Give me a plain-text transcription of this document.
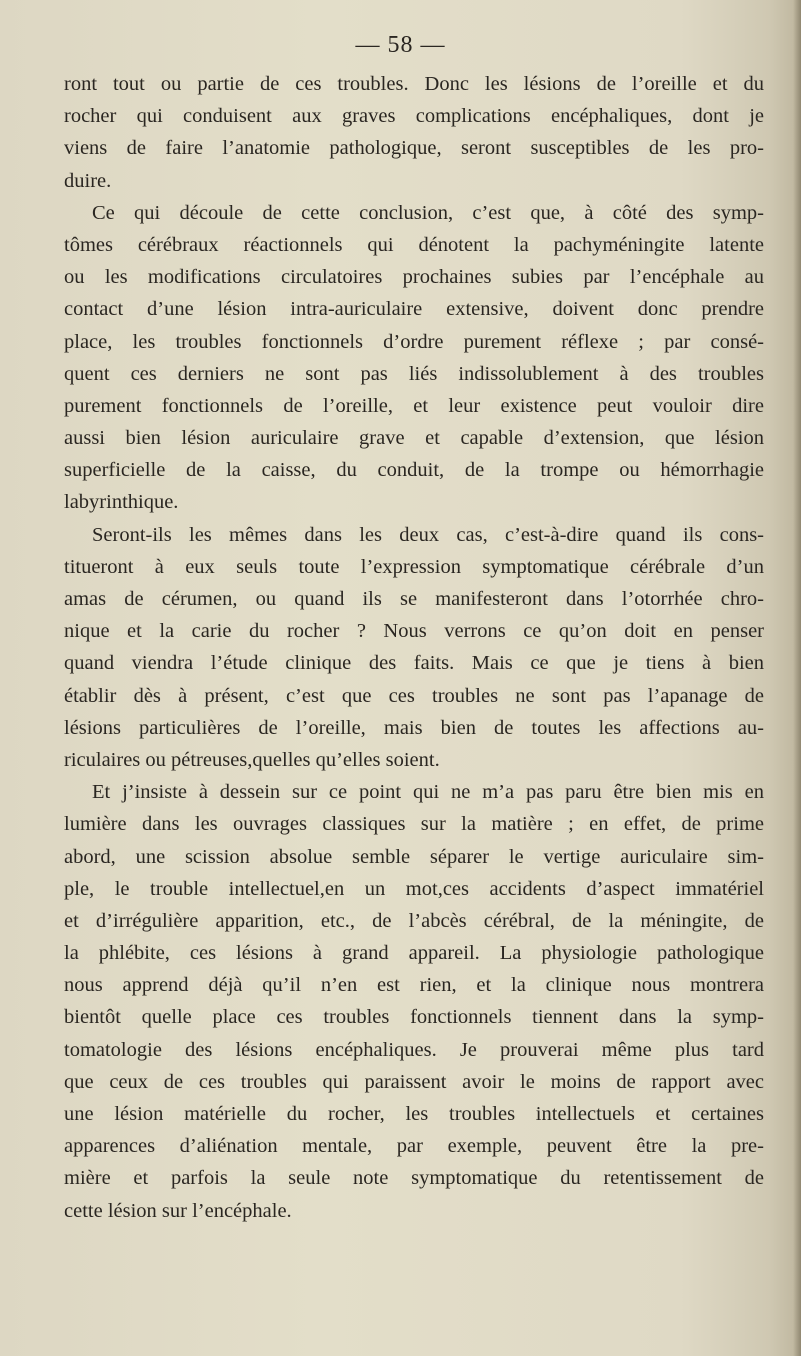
— 58 —
ront tout ou partie de ces troubles. Donc les lésions de l’oreille et du
rocher qui conduisent aux graves complications encéphaliques, dont je
viens de faire l’anatomie pathologique, seront susceptibles de les pro-
duire.
Ce qui découle de cette conclusion, c’est que, à côté des symp-
tômes cérébraux réactionnels qui dénotent la pachyméningite latente
ou les modifications circulatoires prochaines subies par l’encéphale au
contact d’une lésion intra-auriculaire extensive, doivent donc prendre
place, les troubles fonctionnels d’ordre purement réflexe ; par consé-
quent ces derniers ne sont pas liés indissolublement à des troubles
purement fonctionnels de l’oreille, et leur existence peut vouloir dire
aussi bien lésion auriculaire grave et capable d’extension, que lésion
superficielle de la caisse, du conduit, de la trompe ou hémorrhagie
labyrinthique.
Seront-ils les mêmes dans les deux cas, c’est-à-dire quand ils cons-
titueront à eux seuls toute l’expression symptomatique cérébrale d’un
amas de cérumen, ou quand ils se manifesteront dans l’otorrhée chro-
nique et la carie du rocher ? Nous verrons ce qu’on doit en penser
quand viendra l’étude clinique des faits. Mais ce que je tiens à bien
établir dès à présent, c’est que ces troubles ne sont pas l’apanage de
lésions particulières de l’oreille, mais bien de toutes les affections au-
riculaires ou pétreuses,quelles qu’elles soient.
Et j’insiste à dessein sur ce point qui ne m’a pas paru être bien mis en
lumière dans les ouvrages classiques sur la matière ; en effet, de prime
abord, une scission absolue semble séparer le vertige auriculaire sim-
ple, le trouble intellectuel,en un mot,ces accidents d’aspect immatériel
et d’irrégulière apparition, etc., de l’abcès cérébral, de la méningite, de
la phlébite, ces lésions à grand appareil. La physiologie pathologique
nous apprend déjà qu’il n’en est rien, et la clinique nous montrera
bientôt quelle place ces troubles fonctionnels tiennent dans la symp-
tomatologie des lésions encéphaliques. Je prouverai même plus tard
que ceux de ces troubles qui paraissent avoir le moins de rapport avec
une lésion matérielle du rocher, les troubles intellectuels et certaines
apparences d’aliénation mentale, par exemple, peuvent être la pre-
mière et parfois la seule note symptomatique du retentissement de
cette lésion sur l’encéphale.
